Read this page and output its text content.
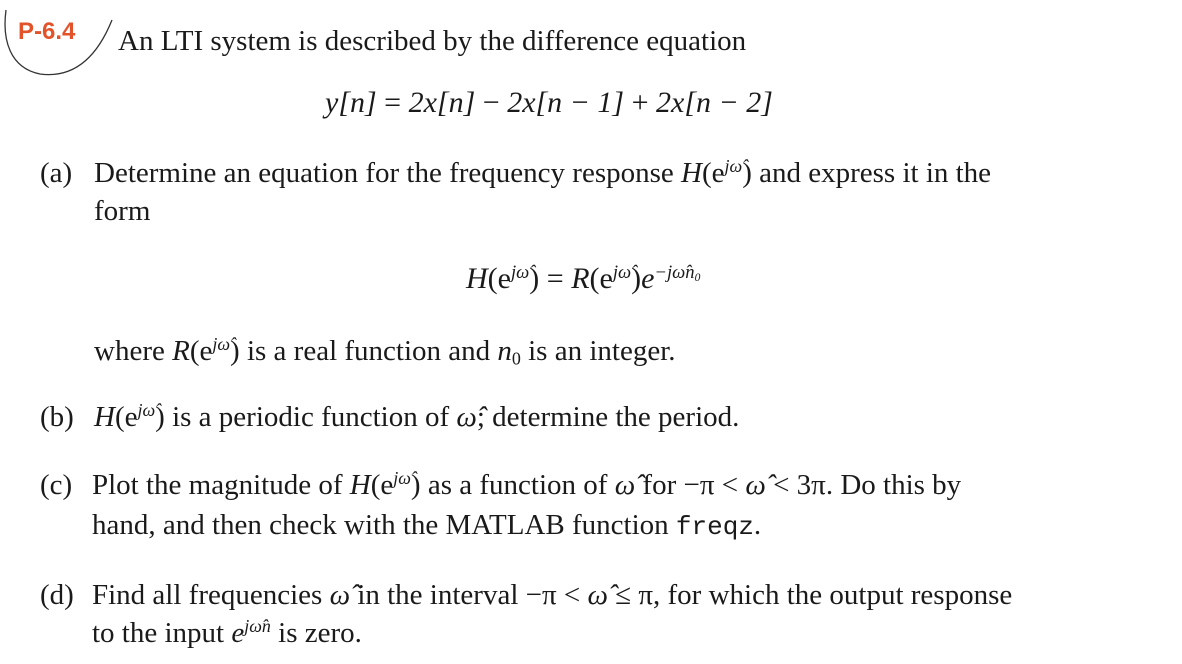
P-6.4 An LTI system is described by the difference equation
y[n] = 2x[n] − 2x[n − 1] + 2x[n − 2]
(a) Determine an equation for the frequency response $H(e^{j\omegâ})$ and express it in the
form
$H(e^{j\omegâ}) = R(e^{j\omegâ})e^{-j\omegân_0}$
where $R(e^{j\omegâ})$ is a real function and $n_0$ is an integer.
(b) $H(e^{j\omegâ})$ is a periodic function of ω̂; determine the period.
(c) Plot the magnitude of $H(e^{j\omegâ})$ as a function of ω̂ for −π < ω̂ < 3π. Do this by
hand, and then check with the MATLAB function freqz.
(d) Find all frequencies ω̂ in the interval −π < ω̂ ≤ π, for which the output response
to the input $e^{j\omegân}$ is zero.
